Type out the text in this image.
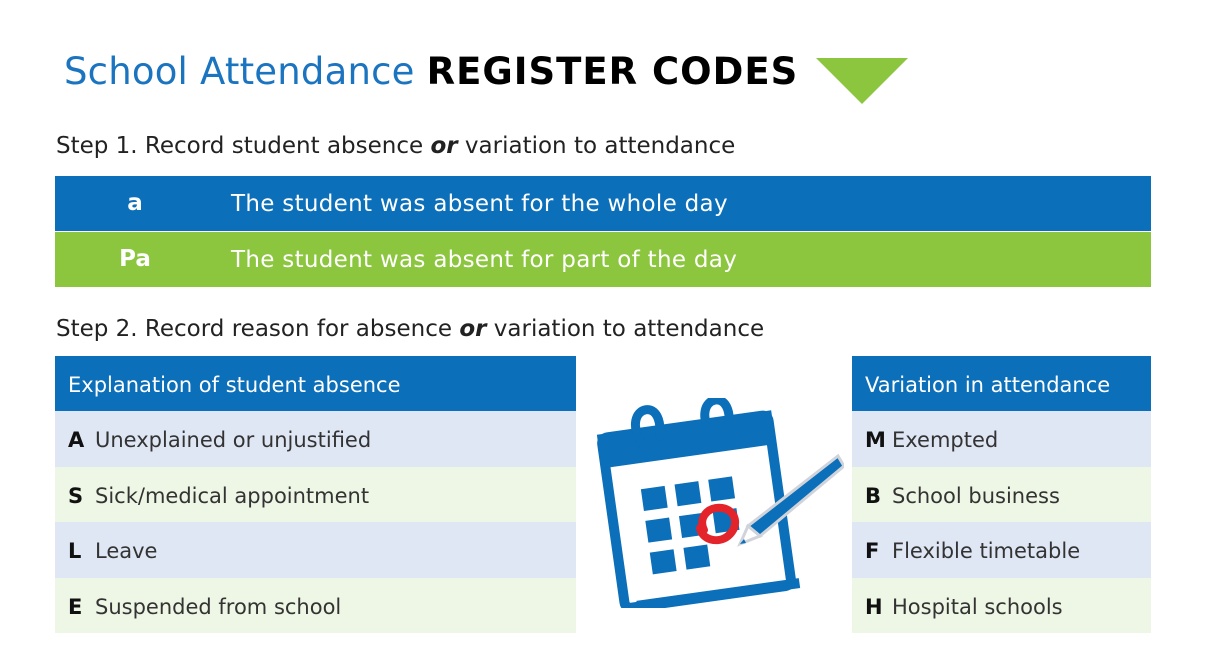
School Attendance REGISTER CODES
Step 1. Record student absence or variation to attendance
a	The student was absent for the whole day
Pa	The student was absent for part of the day
Step 2. Record reason for absence or variation to attendance
Explanation of student absence
A Unexplained or unjustified
S Sick/medical appointment
L Leave
E Suspended from school
Variation in attendance
M Exempted
B School business
F Flexible timetable
H Hospital schools
